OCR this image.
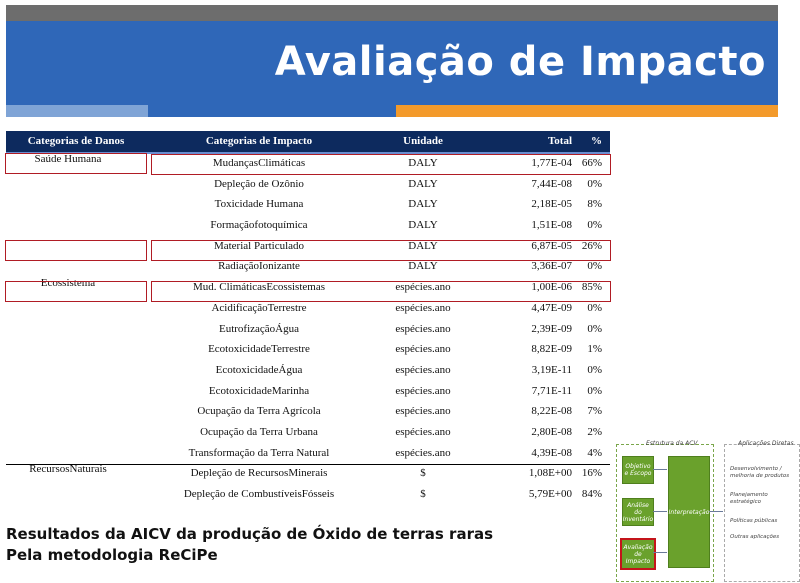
Avaliação de Impacto
Categorias de Danos	Categorias de Impacto	Unidade	Total	%
Saúde Humana	MudançasClimáticas	DALY	1,77E-04 66%
Depleção de Ozônio	DALY	7,44E-08	0%
Toxicidade Humana	DALY	2,18E-05	8%
Formaçãofotoquímica	DALY	1,51E-08	0%
Material Particulado	DALY	6,87E-05 26%
RadiaçãoIonizante	DALY	3,36E-07	0%
Ecossistema	Mud. ClimáticasEcossistemas	espécies.ano	1,00E-06 85%
AcidificaçãoTerrestre	espécies.ano	4,47E-09	0%
EutrofizaçãoÁgua	espécies.ano	2,39E-09	0%
EcotoxicidadeTerrestre	espécies.ano	8,82E-09	1%
EcotoxicidadeÁgua	espécies.ano	3,19E-11	0%
EcotoxicidadeMarinha	espécies.ano	7,71E-11	0%
Ocupação da Terra Agrícola	espécies.ano	8,22E-08	7%
Ocupação da Terra Urbana	espécies.ano	2,80E-08	2%
Transformação da Terra Natural	espécies.ano	4,39E-08	4%
RecursosNaturais	Depleção de RecursosMinerais	$	1,08E+00 16%
Depleção de CombustíveisFósseis	$	5,79E+00 84%
Resultados da AICV da produção de Óxido de terras raras
Pela metodologia ReCiPe
Estrutura da ACV	Aplicações Diretas
Objetivo e Escopo
Análise do Inventário
Avaliação de Impacto
Interpretação
Desenvolvimento / melhoria de produtos
Planejamento estratégico
Políticas públicas
Outras aplicações
